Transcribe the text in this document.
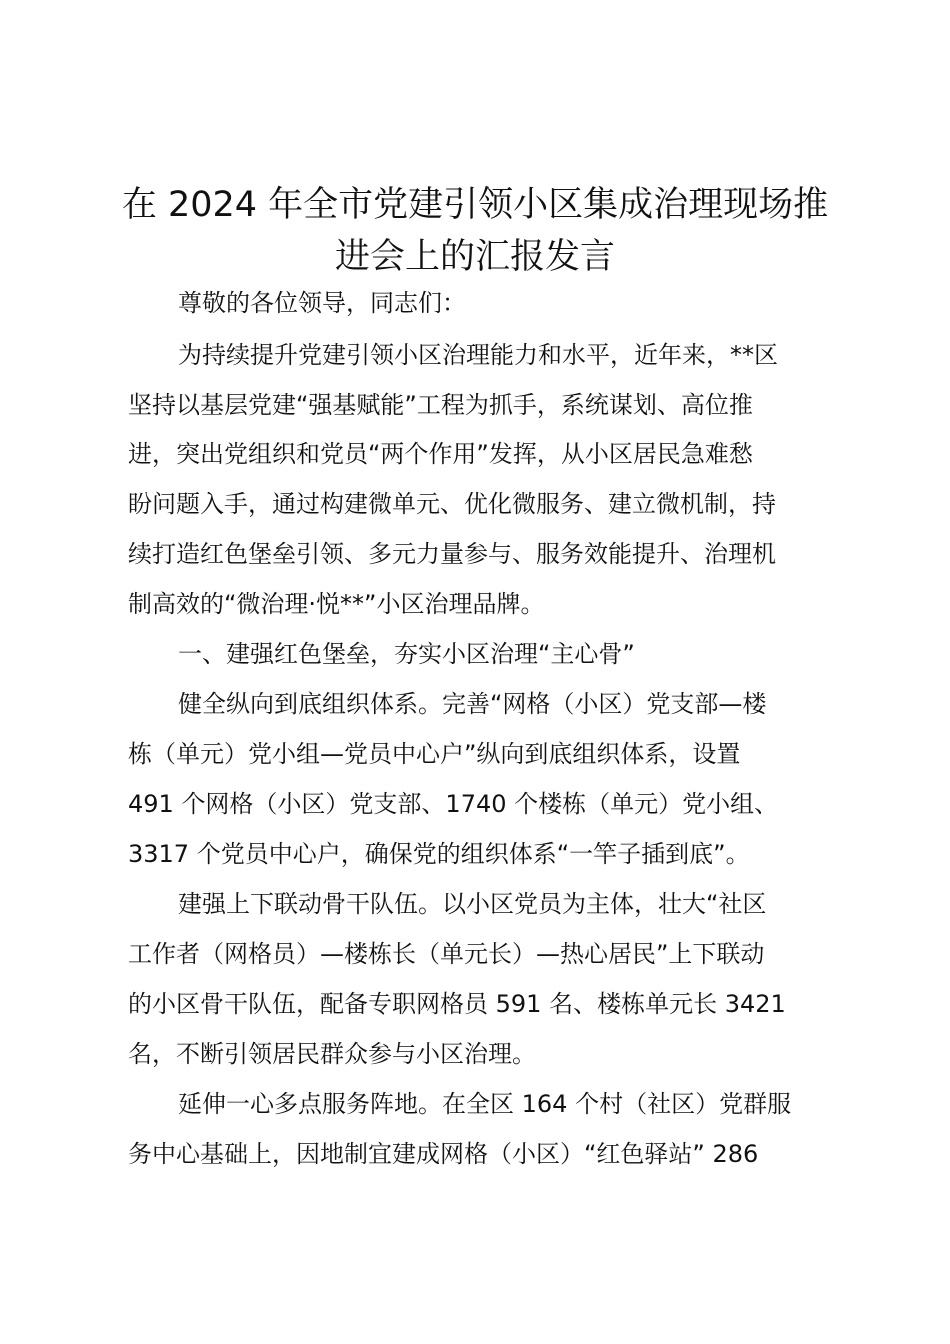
在 2024 年全市党建引领小区集成治理现场推
进会上的汇报发言

尊敬的各位领导，同志们：

为持续提升党建引领小区治理能力和水平，近年来，**区

坚持以基层党建“强基赋能”工程为抓手，系统谋划、高位推

进，突出党组织和党员“两个作用”发挥，从小区居民急难愁

盼问题入手，通过构建微单元、优化微服务、建立微机制，持

续打造红色堡垒引领、多元力量参与、服务效能提升、治理机

制高效的“微治理·悦**”小区治理品牌。

一、建强红色堡垒，夯实小区治理“主心骨”

健全纵向到底组织体系。完善“网格（小区）党支部—楼

栋（单元）党小组—党员中心户”纵向到底组织体系，设置

491 个网格（小区）党支部、1740 个楼栋（单元）党小组、

3317 个党员中心户，确保党的组织体系“一竿子插到底”。

建强上下联动骨干队伍。以小区党员为主体，壮大“社区

工作者（网格员）—楼栋长（单元长）—热心居民”上下联动

的小区骨干队伍，配备专职网格员 591 名、楼栋单元长 3421

名，不断引领居民群众参与小区治理。

延伸一心多点服务阵地。在全区 164 个村（社区）党群服

务中心基础上，因地制宜建成网格（小区）“红色驿站” 286
